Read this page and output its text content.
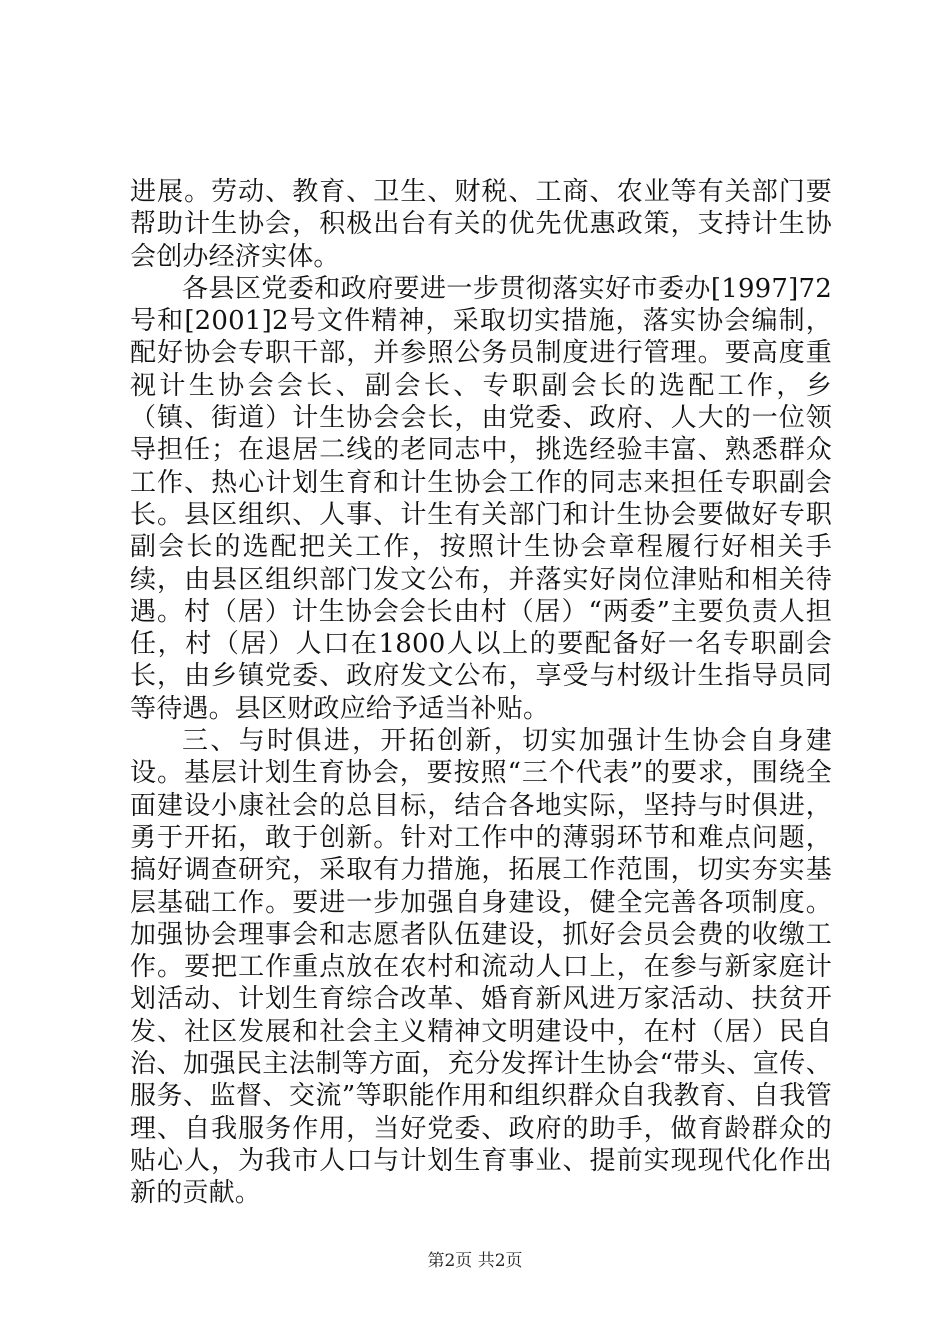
进展。劳动、教育、卫生、财税、工商、农业等有关部门要帮助计生协会，积极出台有关的优先优惠政策，支持计生协会创办经济实体。

各县区党委和政府要进一步贯彻落实好市委办[1997]72号和[2001]2号文件精神，采取切实措施，落实协会编制，配好协会专职干部，并参照公务员制度进行管理。要高度重视计生协会会长、副会长、专职副会长的选配工作，乡（镇、街道）计生协会会长，由党委、政府、人大的一位领导担任；在退居二线的老同志中，挑选经验丰富、熟悉群众工作、热心计划生育和计生协会工作的同志来担任专职副会长。县区组织、人事、计生有关部门和计生协会要做好专职副会长的选配把关工作，按照计生协会章程履行好相关手续，由县区组织部门发文公布，并落实好岗位津贴和相关待遇。村（居）计生协会会长由村（居）“两委”主要负责人担任，村（居）人口在1800人以上的要配备好一名专职副会长，由乡镇党委、政府发文公布，享受与村级计生指导员同等待遇。县区财政应给予适当补贴。

三、与时俱进，开拓创新，切实加强计生协会自身建设。基层计划生育协会，要按照“三个代表”的要求，围绕全面建设小康社会的总目标，结合各地实际，坚持与时俱进，勇于开拓，敢于创新。针对工作中的薄弱环节和难点问题，搞好调查研究，采取有力措施，拓展工作范围，切实夯实基层基础工作。要进一步加强自身建设，健全完善各项制度。加强协会理事会和志愿者队伍建设，抓好会员会费的收缴工作。要把工作重点放在农村和流动人口上，在参与新家庭计划活动、计划生育综合改革、婚育新风进万家活动、扶贫开发、社区发展和社会主义精神文明建设中，在村（居）民自治、加强民主法制等方面，充分发挥计生协会“带头、宣传、服务、监督、交流”等职能作用和组织群众自我教育、自我管理、自我服务作用，当好党委、政府的助手，做育龄群众的贴心人，为我市人口与计划生育事业、提前实现现代化作出新的贡献。

第2页 共2页
